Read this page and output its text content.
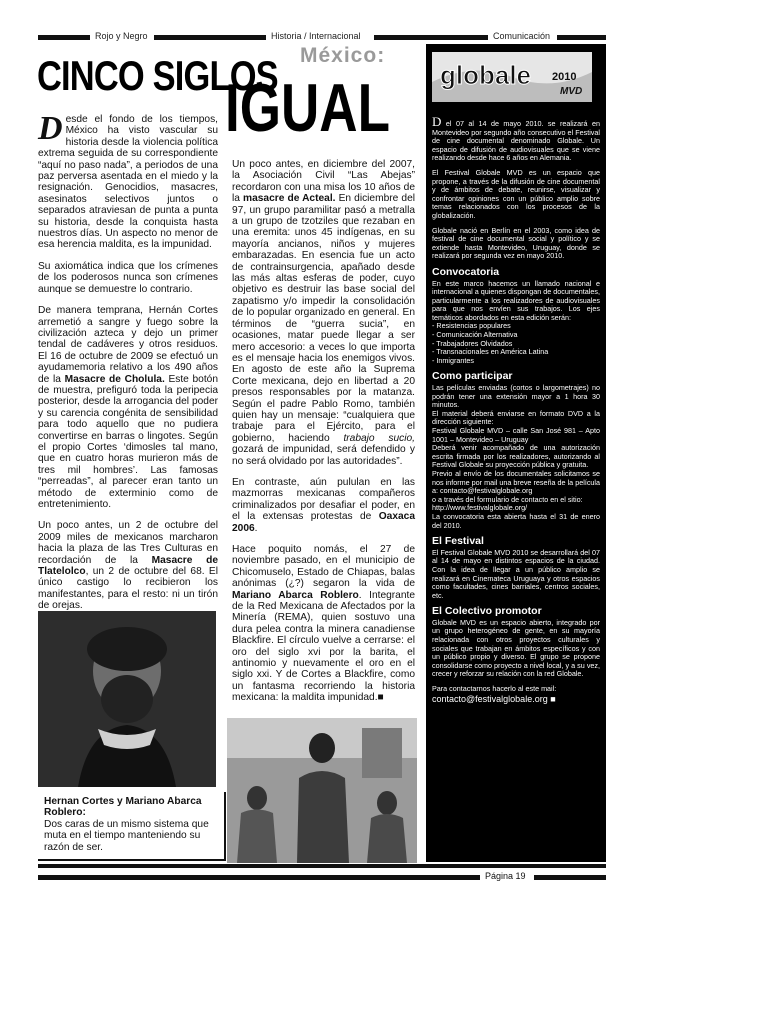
Rojo y Negro	Historia / Internacional	Comunicación
México:
CINCO SIGLOS
IGUAL

D esde el fondo de los tiempos, México ha visto vascular su historia desde la violencia política extrema seguida de su correspondiente “aquí no paso nada”, a periodos de una paz perversa asentada en el miedo y la resignación. Genocidios, masacres, asesinatos selectivos juntos o separados atraviesan de punta a punta su historia, desde la conquista hasta nuestros días. Un aspecto no menor de esa herencia maldita, es la impunidad.

Su axiomática indica que los crímenes de los poderosos nunca son crímenes aunque se demuestre lo contrario.

De manera temprana, Hernán Cortes arremetió a sangre y fuego sobre la civilización azteca y dejo un primer tendal de cadáveres y otros residuos. El 16 de octubre de 2009 se efectuó un ayudamemoria relativo a los 490 años de la Masacre de Cholula. Este botón de muestra, prefiguró toda la peripecia posterior, desde la arrogancia del poder y su carencia congénita de sensibilidad para todo aquello que no pudiera convertirse en barras o lingotes. Según el propio Cortes ‘dimosles tal mano, que en cuatro horas murieron más de tres mil hombres’. Las famosas “perreadas”, al parecer eran tanto un método de exterminio como de entretenimiento.

Un poco antes, un 2 de octubre del 2009 miles de mexicanos marcharon hacia la plaza de las Tres Culturas en recordación de la Masacre de Tlatelolco, un 2 de octubre del 68. El único castigo lo recibieron los manifestantes, para el resto: ni un tirón de orejas.

Hernan Cortes y Mariano Abarca Roblero:
Dos caras de un mismo sistema que muta en el tiempo manteniendo su razón de ser.

Un poco antes, en diciembre del 2007, la Asociación Civil “Las Abejas” recordaron con una misa los 10 años de la masacre de Acteal. En diciembre del 97, un grupo paramilitar pasó a metralla a un grupo de tzotziles que rezaban en una eremita: unos 45 indígenas, en su mayoría ancianos, niños y mujeres embarazadas. En esencia fue un acto de contrainsurgencia, apañado desde las más altas esferas de poder, cuyo objetivo es destruir las base social del zapatismo y/o impedir la consolidación de lo popular organizado en general. En términos de “guerra sucia”, en ocasiones, matar puede llegar a ser mero accesorio: a veces lo que importa es el mensaje hacia los enemigos vivos. En agosto de este año la Suprema Corte mexicana, dejo en libertad a 20 presos responsables por la matanza. Según el padre Pablo Romo, también quien hay un mensaje: “cualquiera que trabaje para el Ejército, para el gobierno, haciendo trabajo sucio, gozará de impunidad, será defendido y no será olvidado por las autoridades”.

En contraste, aún pululan en las mazmorras mexicanas compañeros criminalizados por desafiar el poder, en el la extensas protestas de Oaxaca 2006.

Hace poquito nomás, el 27 de noviembre pasado, en el municipio de Chicomuselo, Estado de Chiapas, balas anónimas (¿?) segaron la vida de Mariano Abarca Roblero. Integrante de la Red Mexicana de Afectados por la Minería (REMA), quien sostuvo una dura pelea contra la minera canadiense Blackfire. El círculo vuelve a cerrarse: el oro del siglo xvi por la barita, el antinomio y nuevamente el oro en el siglo xxi. Y de Cortes a Blackfire, como un fantasma recorriendo la historia mexicana: la maldita impunidad.■

globale 2010
MVD

D el 07 al 14 de mayo 2010. se realizará en Montevideo por segundo año consecutivo el Festival de cine documental denominado Globale. Un espacio de difusión de audiovisuales que se viene realizando desde hace 6 años en Alemania.

El Festival Globale MVD es un espacio que propone, a través de la difusión de cine documental y de ámbitos de debate, reunirse, visualizar y confrontar opiniones con un público amplio sobre temas relacionados con los procesos de la globalización.

Globale nació en Berlín en el 2003, como idea de festival de cine documental social y político y se extiende hasta Montevideo, Uruguay, donde se realizará por segunda vez en mayo 2010.

Convocatoria

En este marco hacemos un llamado nacional e internacional a quienes dispongan de documentales, particularmente a los realizadores de audiovisuales para que nos envíen sus trabajos. Los ejes temáticos abordados en esta edición serán:

- Resistencias populares
- Comunicación Alternativa
- Trabajadores Olvidados
- Transnacionales en América Latina
- Inmigrantes
Como participar
Las películas enviadas (cortos o largometrajes) no podrán tener una extensión mayor a 1 hora 30 minutos.
El material deberá enviarse en formato DVD a la dirección siguiente:
Festival Globale MVD – calle San José 981 – Apto 1001 – Montevideo – Uruguay
Deberá venir acompañado de una autorización escrita firmada por los realizadores, autorizando al Festival Globale su proyección pública y gratuita.
Previo al envío de los documentales solicitamos se nos informe por mail una breve reseña de la película a: contacto@festivalglobale.org
o a través del formulario de contacto en el sitio:
http://www.festivalglobale.org/
La convocatoria esta abierta hasta el 31 de enero del 2010.
El Festival

El Festival Globale MVD 2010 se desarrollará del 07 al 14 de mayo en distintos espacios de la ciudad. Con la idea de llegar a un público amplio se realizará en Cinemateca Uruguaya y otros espacios como facultades, cines barriales, centros sociales, etc.

El Colectivo promotor

Globale MVD es un espacio abierto, integrado por un grupo heterogéneo de gente, en su mayoría relacionada con otros proyectos culturales y sociales que trabajan en ámbitos específicos y con un público propio y diverso. El grupo se propone consolidarse como proyecto a nivel local, y a su vez, crecer y reforzar su relación con la red Globale.

Para contactarnos hacerlo al este mail:
contacto@festivalglobale.org ■
Página 19
